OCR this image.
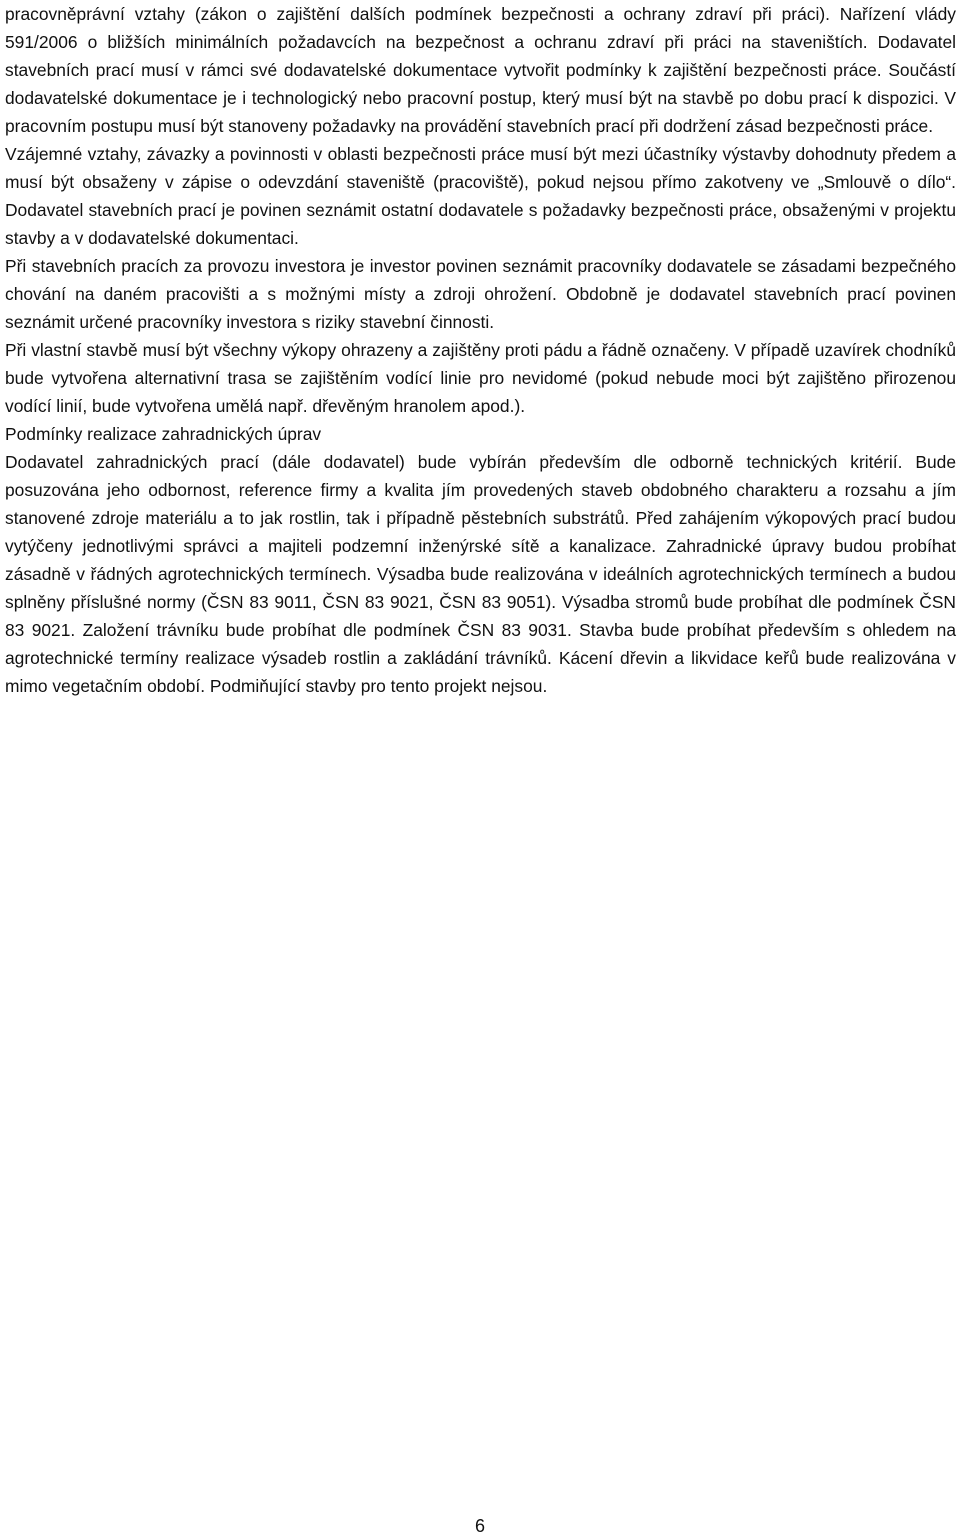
pracovněprávní vztahy (zákon o zajištění dalších podmínek bezpečnosti a ochrany zdraví při práci). Nařízení vlády 591/2006 o bližších minimálních požadavcích na bezpečnost a ochranu zdraví při práci na staveništích. Dodavatel stavebních prací musí v rámci své dodavatelské dokumentace vytvořit podmínky k zajištění bezpečnosti práce. Součástí dodavatelské dokumentace je i technologický nebo pracovní postup, který musí být na stavbě po dobu prací k dispozici. V pracovním postupu musí být stanoveny požadavky na provádění stavebních prací při dodržení zásad bezpečnosti práce.

Vzájemné vztahy, závazky a povinnosti v oblasti bezpečnosti práce musí být mezi účastníky výstavby dohodnuty předem a musí být obsaženy v zápise o odevzdání staveniště (pracoviště), pokud nejsou přímo zakotveny ve „Smlouvě o dílo“. Dodavatel stavebních prací je povinen seznámit ostatní dodavatele s požadavky bezpečnosti práce, obsaženými v projektu stavby a v dodavatelské dokumentaci.

Při stavebních pracích za provozu investora je investor povinen seznámit pracovníky dodavatele se zásadami bezpečného chování na daném pracovišti a s možnými místy a zdroji ohrožení. Obdobně je dodavatel stavebních prací povinen seznámit určené pracovníky investora s riziky stavební činnosti.

Při vlastní stavbě musí být všechny výkopy ohrazeny a zajištěny proti pádu a řádně označeny. V případě uzavírek chodníků bude vytvořena alternativní trasa se zajištěním vodící linie pro nevidomé (pokud nebude moci být zajištěno přirozenou vodící linií, bude vytvořena umělá např. dřevěným hranolem apod.).

Podmínky realizace zahradnických úprav

Dodavatel zahradnických prací (dále dodavatel) bude vybírán především dle odborně technických kritérií. Bude posuzována jeho odbornost, reference firmy a kvalita jím provedených staveb obdobného charakteru a rozsahu a jím stanovené zdroje materiálu a to jak rostlin, tak i případně pěstebních substrátů. Před zahájením výkopových prací budou vytýčeny jednotlivými správci a majiteli podzemní inženýrské sítě a kanalizace. Zahradnické úpravy budou probíhat zásadně v řádných agrotechnických termínech. Výsadba bude realizována v ideálních agrotechnických termínech a budou splněny příslušné normy (ČSN 83 9011, ČSN 83 9021, ČSN 83 9051). Výsadba stromů bude probíhat dle podmínek ČSN 83 9021. Založení trávníku bude probíhat dle podmínek ČSN 83 9031. Stavba bude probíhat především s ohledem na agrotechnické termíny realizace výsadeb rostlin a zakládání trávníků. Kácení dřevin a likvidace keřů bude realizována v mimo vegetačním období. Podmiňující stavby pro tento projekt nejsou.

6
